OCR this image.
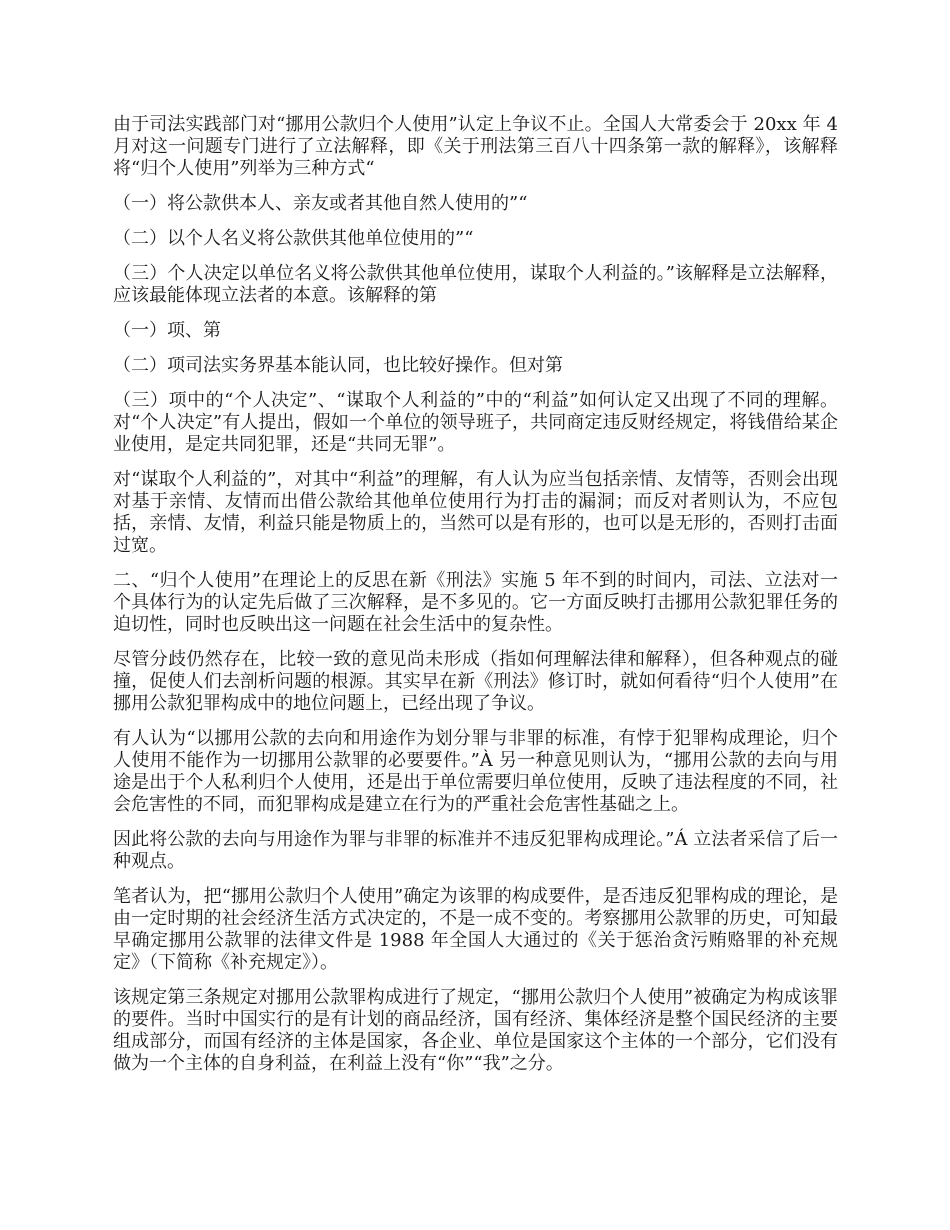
由于司法实践部门对“挪用公款归个人使用”认定上争议不止。全国人大常委会于 20xx 年 4 月对这一问题专门进行了立法解释，即《关于刑法第三百八十四条第一款的解释》，该解释将“归个人使用”列举为三种方式“

（一）将公款供本人、亲友或者其他自然人使用的”“

（二）以个人名义将公款供其他单位使用的”“

（三）个人决定以单位名义将公款供其他单位使用，谋取个人利益的。”该解释是立法解释，应该最能体现立法者的本意。该解释的第

（一）项、第

（二）项司法实务界基本能认同，也比较好操作。但对第

（三）项中的“个人决定”、“谋取个人利益的”中的“利益”如何认定又出现了不同的理解。对“个人决定”有人提出，假如一个单位的领导班子，共同商定违反财经规定，将钱借给某企业使用，是定共同犯罪，还是“共同无罪”。

对“谋取个人利益的”，对其中“利益”的理解，有人认为应当包括亲情、友情等，否则会出现对基于亲情、友情而出借公款给其他单位使用行为打击的漏洞；而反对者则认为，不应包括，亲情、友情，利益只能是物质上的，当然可以是有形的，也可以是无形的，否则打击面过宽。

二、“归个人使用”在理论上的反思在新《刑法》实施 5 年不到的时间内，司法、立法对一个具体行为的认定先后做了三次解释，是不多见的。它一方面反映打击挪用公款犯罪任务的迫切性，同时也反映出这一问题在社会生活中的复杂性。

尽管分歧仍然存在，比较一致的意见尚未形成（指如何理解法律和解释），但各种观点的碰撞，促使人们去剖析问题的根源。其实早在新《刑法》修订时，就如何看待“归个人使用”在挪用公款犯罪构成中的地位问题上，已经出现了争议。

有人认为“以挪用公款的去向和用途作为划分罪与非罪的标准，有悖于犯罪构成理论，归个人使用不能作为一切挪用公款罪的必要要件。”À 另一种意见则认为，“挪用公款的去向与用途是出于个人私利归个人使用，还是出于单位需要归单位使用，反映了违法程度的不同，社会危害性的不同，而犯罪构成是建立在行为的严重社会危害性基础之上。

因此将公款的去向与用途作为罪与非罪的标准并不违反犯罪构成理论。”Á 立法者采信了后一种观点。

笔者认为，把“挪用公款归个人使用”确定为该罪的构成要件，是否违反犯罪构成的理论，是由一定时期的社会经济生活方式决定的，不是一成不变的。考察挪用公款罪的历史，可知最早确定挪用公款罪的法律文件是 1988 年全国人大通过的《关于惩治贪污贿赂罪的补充规定》（下简称《补充规定》）。

该规定第三条规定对挪用公款罪构成进行了规定，“挪用公款归个人使用”被确定为构成该罪的要件。当时中国实行的是有计划的商品经济，国有经济、集体经济是整个国民经济的主要组成部分，而国有经济的主体是国家，各企业、单位是国家这个主体的一个部分，它们没有做为一个主体的自身利益，在利益上没有“你”“我”之分。
